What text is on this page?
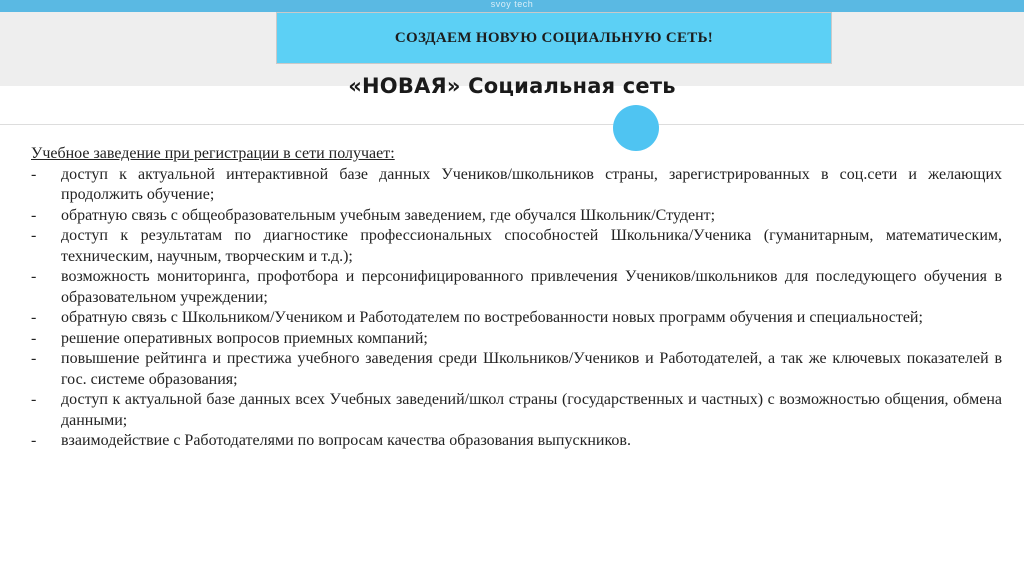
svoy tech
СОЗДАЕМ НОВУЮ СОЦИАЛЬНУЮ СЕТЬ!
«НОВАЯ» Социальная сеть
Учебное заведение при регистрации в сети получает:
- доступ к актуальной интерактивной базе данных Учеников/школьников страны, зарегистрированных в соц.сети и желающих продолжить обучение;
- обратную связь с общеобразовательным учебным заведением, где обучался Школьник/Студент;
- доступ к результатам по диагностике профессиональных способностей Школьника/Ученика (гуманитарным, математическим, техническим, научным, творческим и т.д.);
- возможность мониторинга, профотбора и персонифицированного привлечения Учеников/школьников для последующего обучения в образовательном учреждении;
- обратную связь с Школьником/Учеником и Работодателем по востребованности новых программ обучения и специальностей;
- решение оперативных вопросов приемных компаний;
- повышение рейтинга и престижа учебного заведения среди Школьников/Учеников и Работодателей, а так же ключевых показателей в гос. системе образования;
- доступ к актуальной базе данных всех Учебных заведений/школ страны (государственных и частных) с возможностью общения, обмена данными;
- взаимодействие с Работодателями по вопросам качества образования выпускников.
